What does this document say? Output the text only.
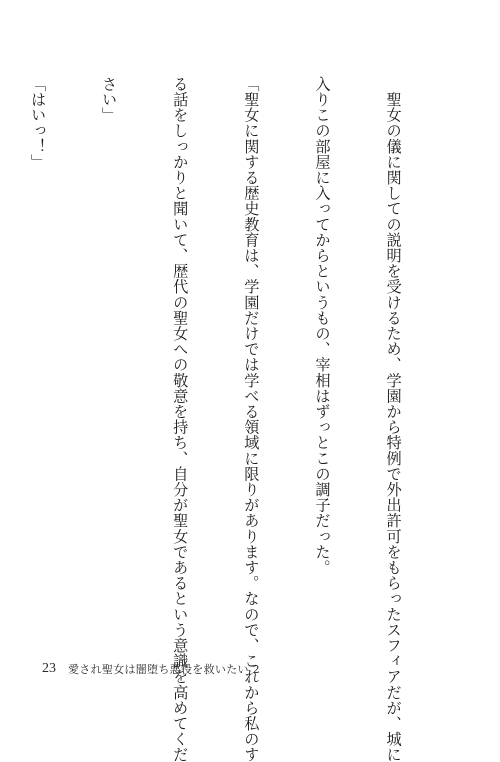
　聖女の儀に関しての説明を受けるため、学園から特例で外出許可をもらったスフィアだが、城に

入りこの部屋に入ってからというもの、宰相はずっとこの調子だった。

「聖女に関する歴史教育は、学園だけでは学べる領域に限りがあります。なので、これから私のす

る話をしっかりと聞いて、歴代の聖女への敬意を持ち、自分が聖女であるという意識を高めてくだ

さい」

「はいっ！」

23 愛され聖女は闇堕ち悪役を救いたい 2
